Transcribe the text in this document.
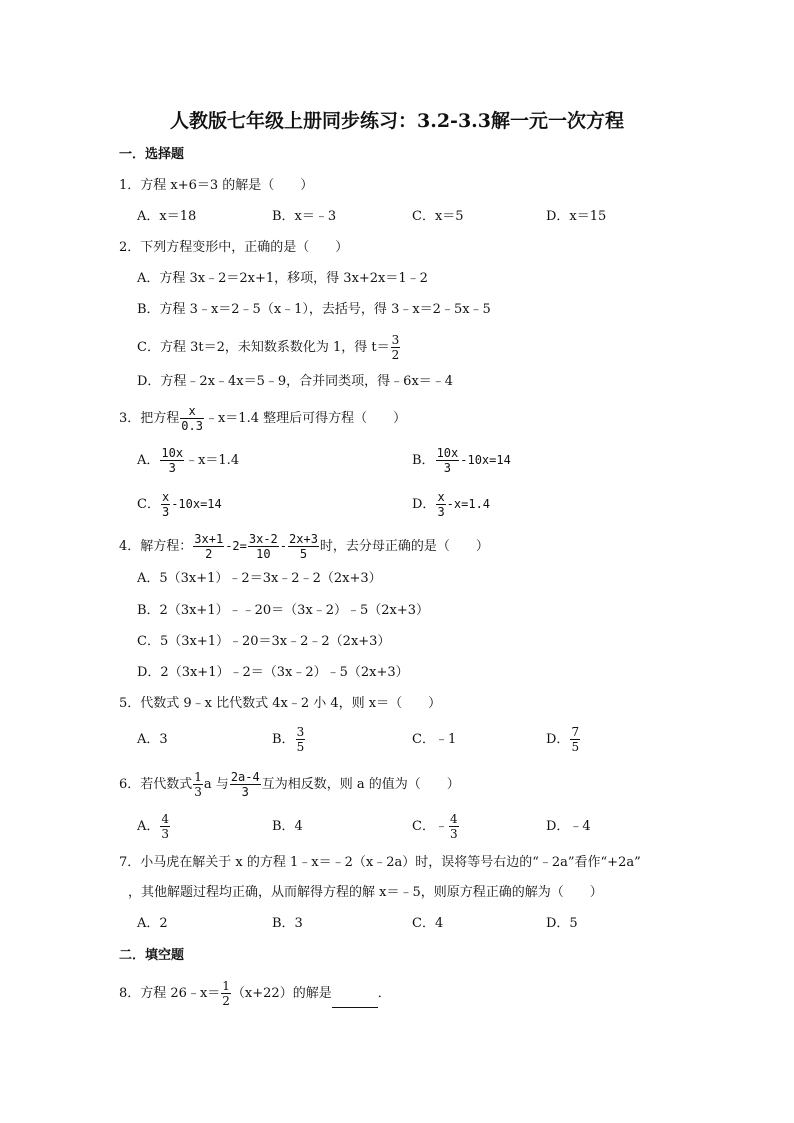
人教版七年级上册同步练习：3.2-3.3解一元一次方程
一．选择题
1．方程 x+6＝3 的解是（　　）
A．x＝18	B．x＝﹣3	C．x＝5	D．x＝15
2．下列方程变形中，正确的是（　　）
A．方程 3x﹣2＝2x+1，移项，得 3x+2x＝1﹣2
B．方程 3﹣x＝2﹣5（x﹣1），去括号，得 3﹣x＝2﹣5x﹣5
C．方程 3t＝2，未知数系数化为 1，得 $t= \frac{3}{2}$
D．方程﹣2x﹣4x＝5﹣9，合并同类项，得﹣6x＝﹣4
3．把方程 $\frac{x}{0.3}$ ﹣x＝1.4 整理后可得方程（　　）
A． $\frac{10x}{3}$ ﹣x＝1.4	B． $\frac{10x}{3} -10x=14$
C． $\frac{x}{3} -10x=14$	D． $\frac{x}{3} -x=1.4$
4．解方程： $\frac{3x+1}{2} -2= \frac{3x-2}{10} - \frac{2x+3}{5}$ 时，去分母正确的是（　　）
A．5（3x+1）﹣2＝3x﹣2﹣2（2x+3）
B．2（3x+1）﹣﹣20＝（3x﹣2）﹣5（2x+3）
C．5（3x+1）﹣20＝3x﹣2﹣2（2x+3）
D．2（3x+1）﹣2＝（3x﹣2）﹣5（2x+3）
5．代数式 9﹣x 比代数式 4x﹣2 小 4，则 x＝（　　）
A．3	B． $\frac{3}{5}$	C．﹣1	D． $\frac{7}{5}$
6．若代数式 $\frac{1}{3}$ a 与 $\frac{2a-4}{3}$ 互为相反数，则 a 的值为（　　）
A． $\frac{4}{3}$	B．4	C．﹣ $\frac{4}{3}$	D．﹣4
7．小马虎在解关于 x 的方程 1﹣x＝﹣2（x﹣2a）时，误将等号右边的“﹣2a”看作“+2a”
，其他解题过程均正确，从而解得方程的解 x＝﹣5，则原方程正确的解为（　　）
A．2	B．3	C．4	D．5
二．填空题
8．方程 26﹣x＝ $\frac{1}{2} (x+22)$的解是	．
